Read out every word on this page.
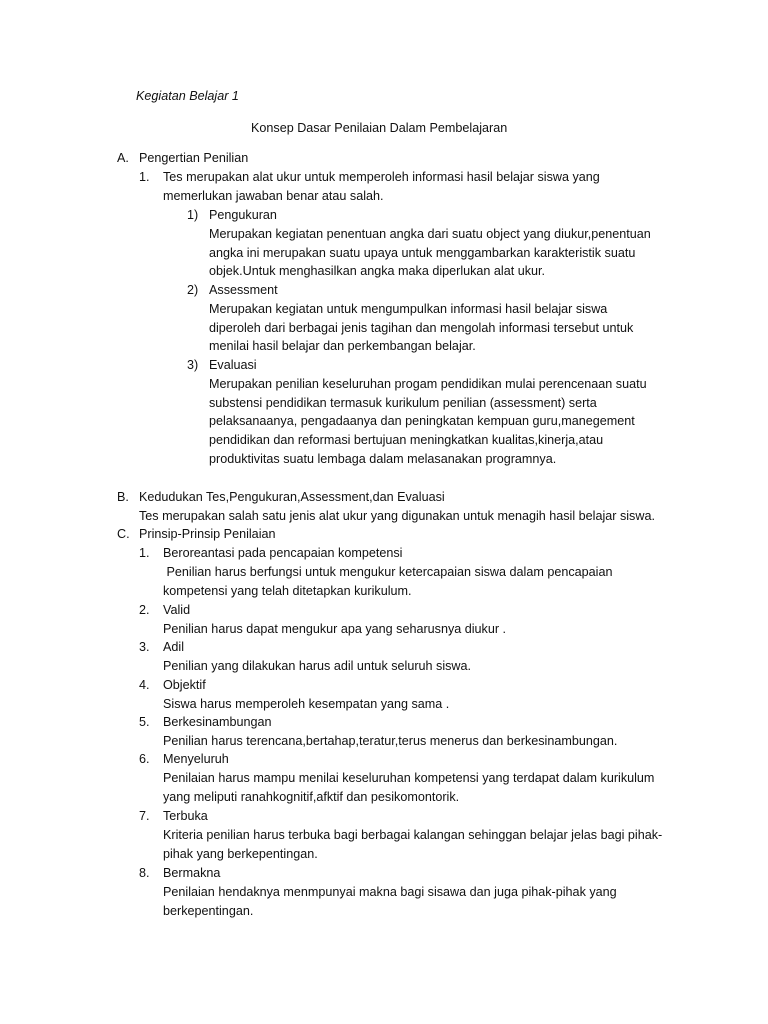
Kegiatan Belajar 1
Konsep Dasar Penilaian Dalam Pembelajaran
A. Pengertian Penilian
1. Tes merupakan alat ukur untuk memperoleh informasi hasil belajar siswa yang
memerlukan jawaban benar atau salah.
1) Pengukuran
Merupakan kegiatan penentuan angka dari suatu object yang diukur,penentuan
angka ini merupakan suatu upaya untuk menggambarkan karakteristik suatu
objek.Untuk menghasilkan angka maka diperlukan alat ukur.
2) Assessment
Merupakan kegiatan untuk mengumpulkan informasi hasil belajar siswa
diperoleh dari berbagai jenis tagihan dan mengolah informasi tersebut untuk
menilai hasil belajar dan perkembangan belajar.
3) Evaluasi
Merupakan penilian keseluruhan progam pendidikan mulai perencenaan suatu
substensi pendidikan termasuk kurikulum penilian (assessment) serta
pelaksanaanya, pengadaanya dan peningkatan kempuan guru,manegement
pendidikan dan reformasi bertujuan meningkatkan kualitas,kinerja,atau
produktivitas suatu lembaga dalam melasanakan programnya.
B. Kedudukan Tes,Pengukuran,Assessment,dan Evaluasi
Tes merupakan salah satu jenis alat ukur yang digunakan untuk menagih hasil belajar siswa.
C. Prinsip-Prinsip Penilaian
1. Beroreantasi pada pencapaian kompetensi
Penilian harus berfungsi untuk mengukur ketercapaian siswa dalam pencapaian
kompetensi yang telah ditetapkan kurikulum.
2. Valid
Penilian harus dapat mengukur apa yang seharusnya diukur .
3. Adil
Penilian yang dilakukan harus adil untuk seluruh siswa.
4. Objektif
Siswa harus memperoleh kesempatan yang sama .
5. Berkesinambungan
Penilian harus terencana,bertahap,teratur,terus menerus dan berkesinambungan.
6. Menyeluruh
Penilaian harus mampu menilai keseluruhan kompetensi yang terdapat dalam kurikulum
yang meliputi ranahkognitif,afktif dan pesikomontorik.
7. Terbuka
Kriteria penilian harus terbuka bagi berbagai kalangan sehinggan belajar jelas bagi pihak-
pihak yang berkepentingan.
8. Bermakna
Penilaian hendaknya menmpunyai makna bagi sisawa dan juga pihak-pihak yang
berkepentingan.
